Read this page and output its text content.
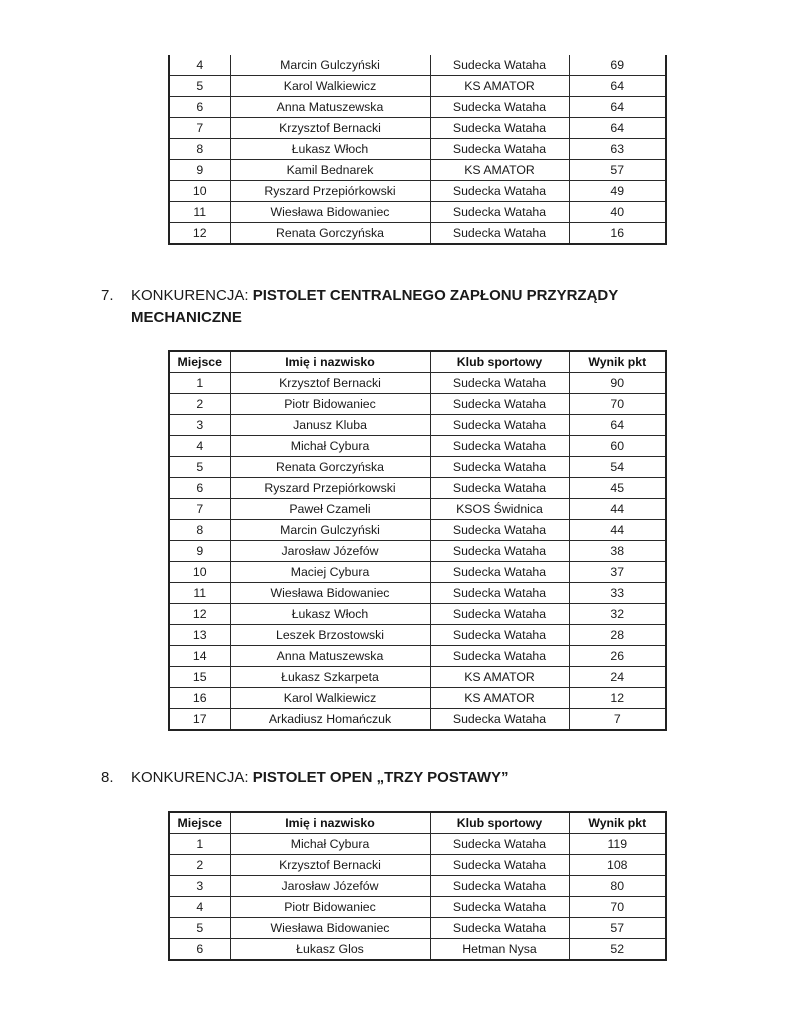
4	Marcin Gulczyński	Sudecka Wataha	69
5	Karol Walkiewicz	KS AMATOR	64
6	Anna Matuszewska	Sudecka Wataha	64
7	Krzysztof Bernacki	Sudecka Wataha	64
8	Łukasz Włoch	Sudecka Wataha	63
9	Kamil Bednarek	KS AMATOR	57
10	Ryszard Przepiórkowski	Sudecka Wataha	49
11	Wiesława Bidowaniec	Sudecka Wataha	40
12	Renata Gorczyńska	Sudecka Wataha	16
7. KONKURENCJA: PISTOLET CENTRALNEGO ZAPŁONU PRZYRZĄDY
MECHANICZNE
Miejsce	Imię i nazwisko	Klub sportowy	Wynik pkt
1	Krzysztof Bernacki	Sudecka Wataha	90
2	Piotr Bidowaniec	Sudecka Wataha	70
3	Janusz Kluba	Sudecka Wataha	64
4	Michał Cybura	Sudecka Wataha	60
5	Renata Gorczyńska	Sudecka Wataha	54
6	Ryszard Przepiórkowski	Sudecka Wataha	45
7	Paweł Czameli	KSOS Świdnica	44
8	Marcin Gulczyński	Sudecka Wataha	44
9	Jarosław Józefów	Sudecka Wataha	38
10	Maciej Cybura	Sudecka Wataha	37
11	Wiesława Bidowaniec	Sudecka Wataha	33
12	Łukasz Włoch	Sudecka Wataha	32
13	Leszek Brzostowski	Sudecka Wataha	28
14	Anna Matuszewska	Sudecka Wataha	26
15	Łukasz Szkarpeta	KS AMATOR	24
16	Karol Walkiewicz	KS AMATOR	12
17	Arkadiusz Homańczuk	Sudecka Wataha	7
8. KONKURENCJA: PISTOLET OPEN „TRZY POSTAWY”
Miejsce	Imię i nazwisko	Klub sportowy	Wynik pkt
1	Michał Cybura	Sudecka Wataha	119
2	Krzysztof Bernacki	Sudecka Wataha	108
3	Jarosław Józefów	Sudecka Wataha	80
4	Piotr Bidowaniec	Sudecka Wataha	70
5	Wiesława Bidowaniec	Sudecka Wataha	57
6	Łukasz Glos	Hetman Nysa	52
